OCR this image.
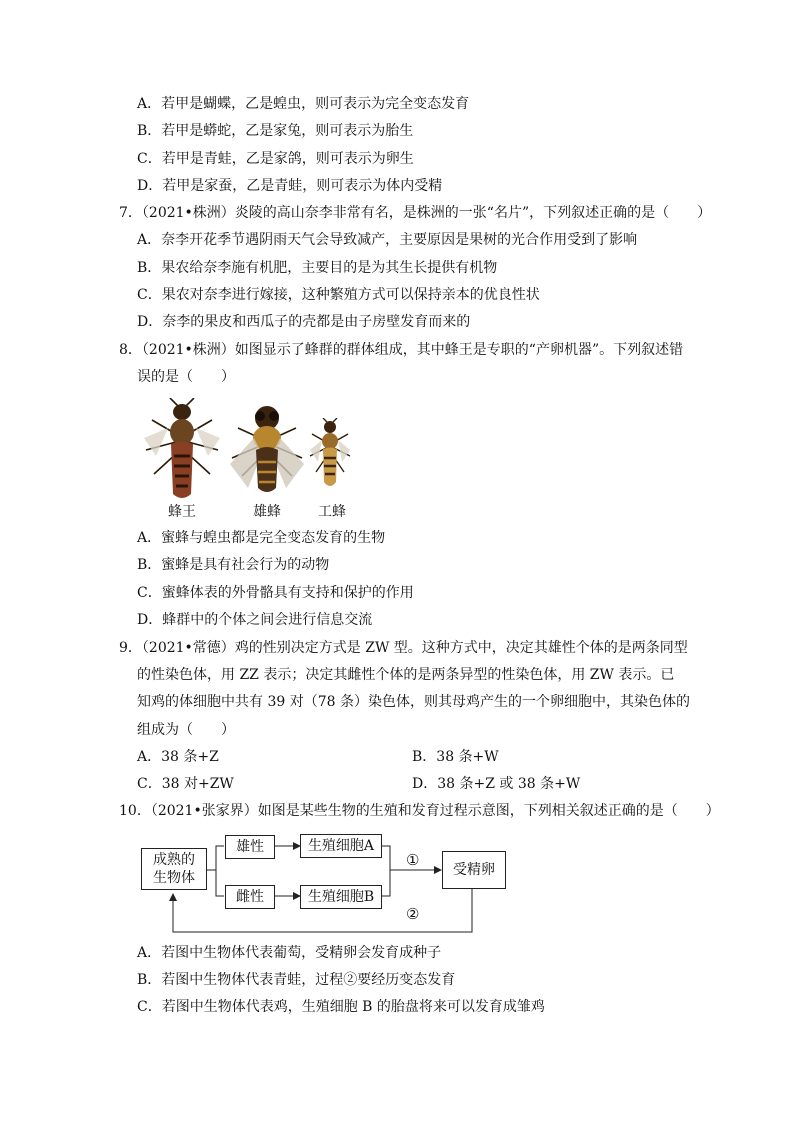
A．若甲是蝴蝶，乙是蝗虫，则可表示为完全变态发育
B．若甲是蟒蛇，乙是家兔，则可表示为胎生
C．若甲是青蛙，乙是家鸽，则可表示为卵生
D．若甲是家蚕，乙是青蛙，则可表示为体内受精
7．（2021•株洲）炎陵的高山奈李非常有名，是株洲的一张“名片”，下列叙述正确的是（　　）
A．奈李开花季节遇阴雨天气会导致减产，主要原因是果树的光合作用受到了影响
B．果农给奈李施有机肥，主要目的是为其生长提供有机物
C．果农对奈李进行嫁接，这种繁殖方式可以保持亲本的优良性状
D．奈李的果皮和西瓜子的壳都是由子房壁发育而来的
8．（2021•株洲）如图显示了蜂群的群体组成，其中蜂王是专职的“产卵机器”。下列叙述错
误的是（　　）
蜂王	雄蜂	工蜂
A．蜜蜂与蝗虫都是完全变态发育的生物
B．蜜蜂是具有社会行为的动物
C．蜜蜂体表的外骨骼具有支持和保护的作用
D．蜂群中的个体之间会进行信息交流
9．（2021•常德）鸡的性别决定方式是 ZW 型。这种方式中，决定其雄性个体的是两条同型
的性染色体，用 ZZ 表示；决定其雌性个体的是两条异型的性染色体，用 ZW 表示。已
知鸡的体细胞中共有 39 对（78 条）染色体，则其母鸡产生的一个卵细胞中，其染色体的
组成为（　　）
A．38 条+Z	B．38 条+W
C．38 对+ZW	D．38 条+Z 或 38 条+W
10．（2021•张家界）如图是某些生物的生殖和发育过程示意图，下列相关叙述正确的是（　　）
成熟的生物体
雄性
雌性
生殖细胞A
生殖细胞B
受精卵
①
②
A．若图中生物体代表葡萄，受精卵会发育成种子
B．若图中生物体代表青蛙，过程②要经历变态发育
C．若图中生物体代表鸡，生殖细胞 B 的胎盘将来可以发育成雏鸡
